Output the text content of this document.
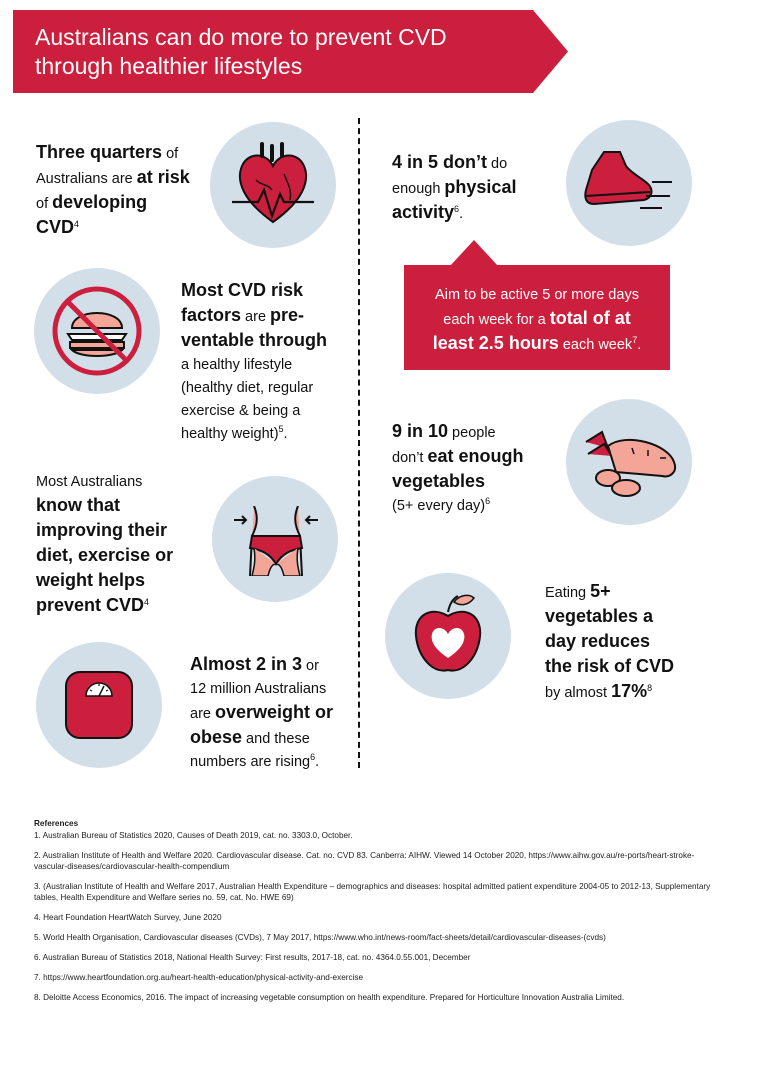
Australians can do more to prevent CVD
through healthier lifestyles
Three quarters of
Australians are at risk
of developing
CVD$^4$
4 in 5 don’t do
enough physical
activity$^6$.
Aim to be active 5 or more days
each week for a total of at
least 2.5 hours each week$^7$.
Most CVD risk
factors are pre-
ventable through
a healthy lifestyle
(healthy diet, regular
exercise & being a
healthy weight)$^5$.	9 in 10 people
don’t eat enough
vegetables
(5+ every day)$^6$
Most Australians
know that
improving their
diet, exercise or
weight helps
prevent CVD$^4$
Eating 5+
vegetables a
day reduces
the risk of CVD
by almost 17%$^8$
Almost 2 in 3 or
12 million Australians
are overweight or
obese and these
numbers are rising$^6$.
References

1. Australian Bureau of Statistics 2020, Causes of Death 2019, cat. no. 3303.0, October.

2. Australian Institute of Health and Welfare 2020. Cardiovascular disease. Cat. no. CVD 83. Canberra: AIHW. Viewed 14 October 2020, https://www.aihw.gov.au/re-ports/heart-stroke-vascular-diseases/cardiovascular-health-compendium

3. (Australian Institute of Health and Welfare 2017, Australian Health Expenditure – demographics and diseases: hospital admitted patient expenditure 2004-05 to 2012-13, Supplementary tables, Health Expenditure and Welfare series no. 59, cat. No. HWE 69)

4. Heart Foundation HeartWatch Survey, June 2020

5. World Health Organisation, Cardiovascular diseases (CVDs), 7 May 2017, https://www.who.int/news-room/fact-sheets/detail/cardiovascular-diseases-(cvds)

6. Australian Bureau of Statistics 2018, National Health Survey: First results, 2017-18, cat. no. 4364.0.55.001, December

7. https://www.heartfoundation.org.au/heart-health-education/physical-activity-and-exercise

8. Deloitte Access Economics, 2016. The impact of increasing vegetable consumption on health expenditure. Prepared for Horticulture Innovation Australia Limited.
